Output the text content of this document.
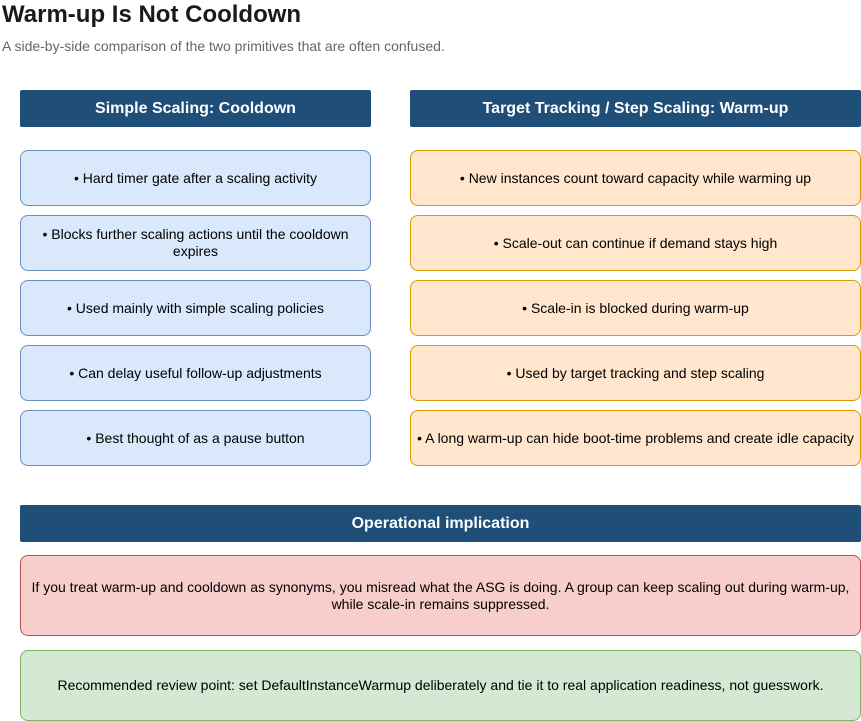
Warm-up Is Not Cooldown
A side-by-side comparison of the two primitives that are often confused.
Simple Scaling: Cooldown
• Hard timer gate after a scaling activity
• Blocks further scaling actions until the cooldown expires
• Used mainly with simple scaling policies
• Can delay useful follow-up adjustments
• Best thought of as a pause button
Target Tracking / Step Scaling: Warm-up
• New instances count toward capacity while warming up
• Scale-out can continue if demand stays high
• Scale-in is blocked during warm-up
• Used by target tracking and step scaling
• A long warm-up can hide boot-time problems and create idle capacity
Operational implication
If you treat warm-up and cooldown as synonyms, you misread what the ASG is doing. A group can keep scaling out during warm-up, while scale-in remains suppressed.
Recommended review point: set DefaultInstanceWarmup deliberately and tie it to real application readiness, not guesswork.
